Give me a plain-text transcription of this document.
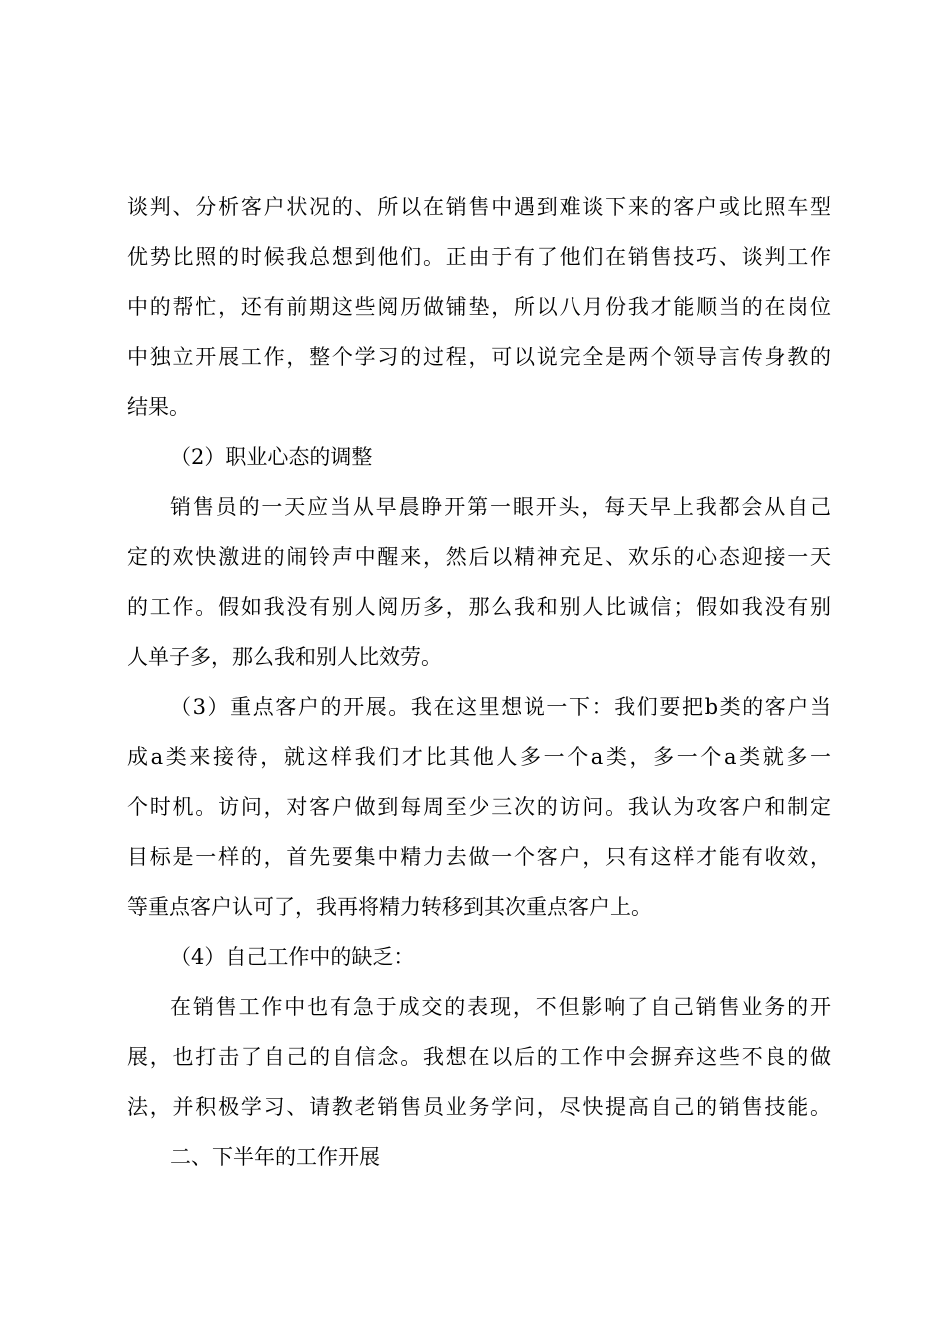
谈判、分析客户状况的、所以在销售中遇到难谈下来的客户或比照车型
优势比照的时候我总想到他们。正由于有了他们在销售技巧、谈判工作
中的帮忙，还有前期这些阅历做铺垫，所以八月份我才能顺当的在岗位
中独立开展工作，整个学习的过程，可以说完全是两个领导言传身教的
结果。
（2）职业心态的调整
销售员的一天应当从早晨睁开第一眼开头，每天早上我都会从自己
定的欢快激进的闹铃声中醒来，然后以精神充足、欢乐的心态迎接一天
的工作。假如我没有别人阅历多，那么我和别人比诚信；假如我没有别
人单子多，那么我和别人比效劳。
（3）重点客户的开展。我在这里想说一下：我们要把b类的客户当
成a类来接待，就这样我们才比其他人多一个a类，多一个a类就多一
个时机。访问，对客户做到每周至少三次的访问。我认为攻客户和制定
目标是一样的，首先要集中精力去做一个客户，只有这样才能有收效，
等重点客户认可了，我再将精力转移到其次重点客户上。
（4）自己工作中的缺乏：
在销售工作中也有急于成交的表现，不但影响了自己销售业务的开
展，也打击了自己的自信念。我想在以后的工作中会摒弃这些不良的做
法，并积极学习、请教老销售员业务学问，尽快提高自己的销售技能。
二、下半年的工作开展
